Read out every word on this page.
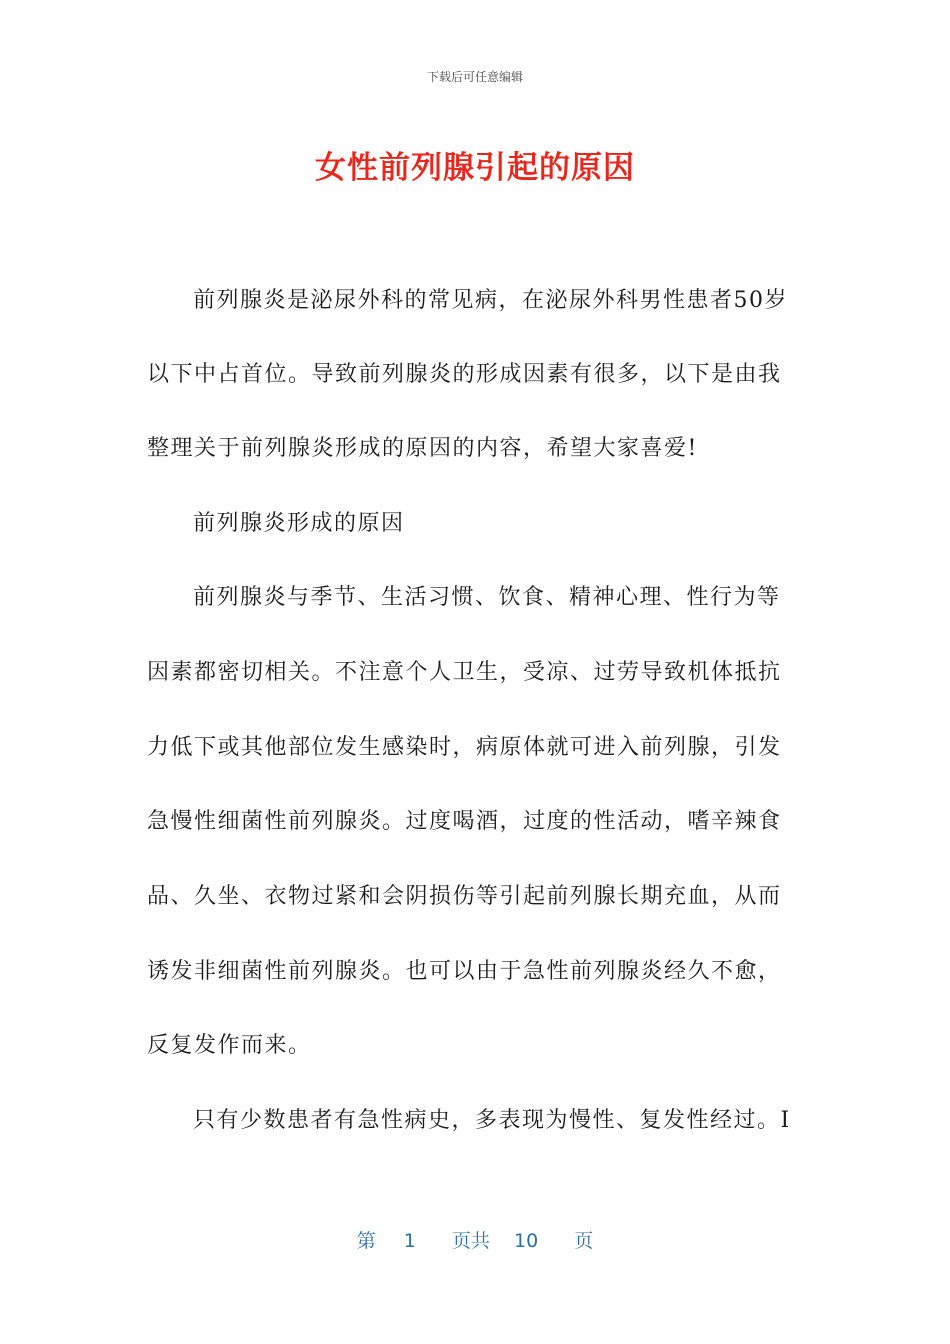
下载后可任意编辑
女性前列腺引起的原因
前列腺炎是泌尿外科的常见病，在泌尿外科男性患者50岁
以下中占首位。导致前列腺炎的形成因素有很多，以下是由我
整理关于前列腺炎形成的原因的内容，希望大家喜爱!
前列腺炎形成的原因
前列腺炎与季节、生活习惯、饮食、精神心理、性行为等
因素都密切相关。不注意个人卫生，受凉、过劳导致机体抵抗
力低下或其他部位发生感染时，病原体就可进入前列腺，引发
急慢性细菌性前列腺炎。过度喝酒，过度的性活动，嗜辛辣食
品、久坐、衣物过紧和会阴损伤等引起前列腺长期充血，从而
诱发非细菌性前列腺炎。也可以由于急性前列腺炎经久不愈，
反复发作而来。
只有少数患者有急性病史，多表现为慢性、复发性经过。I
第 1 页共 10 页
